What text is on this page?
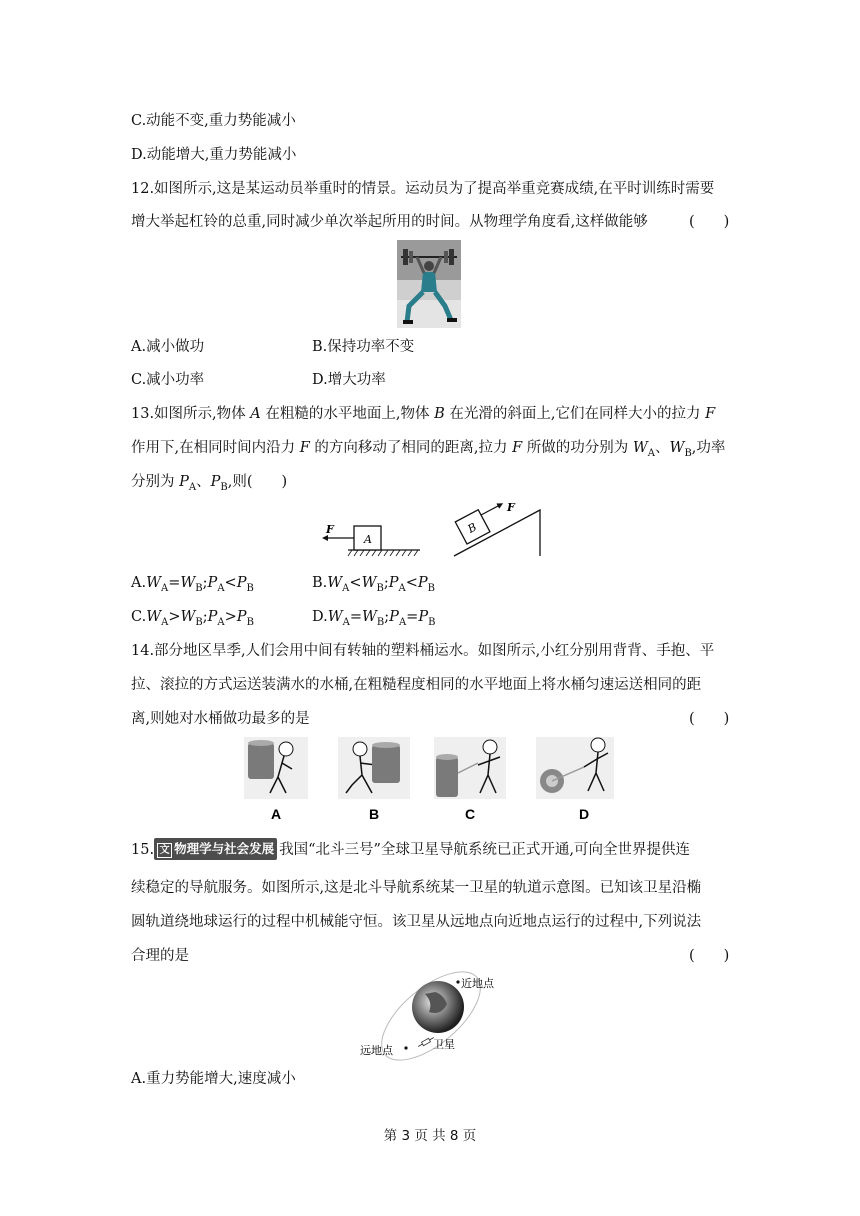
C.动能不变,重力势能减小
D.动能增大,重力势能减小
12.如图所示,这是某运动员举重时的情景。运动员为了提高举重竞赛成绩,在平时训练时需要
增大举起杠铃的总重,同时减少单次举起所用的时间。从物理学角度看,这样做能够	(　　)
A.减小做功	B.保持功率不变
C.减小功率	D.增大功率
13.如图所示,物体 A 在粗糙的水平地面上,物体 B 在光滑的斜面上,它们在同样大小的拉力 F
作用下,在相同时间内沿力 F 的方向移动了相同的距离,拉力 F 所做的功分别为 $W_A$、$W_B$,功率
分别为 $P_A$、$P_B$,则(　　)
A
F	B
F
$A.W_A=W_B;P_A<P_B$	$B.W_A<W_B;P_A<P_B$
$C.W_A>W_B;P_A>P_B$	$D.W_A=W_B;P_A=P_B$
14.部分地区旱季,人们会用中间有转轴的塑料桶运水。如图所示,小红分别用背背、手抱、平
拉、滚拉的方式运送装满水的水桶,在粗糙程度相同的水平地面上将水桶匀速运送相同的距
离,则她对水桶做功最多的是	(　　)
A	B	C	D
15. 文 物理学与社会发展 我国“北斗三号”全球卫星导航系统已正式开通,可向全世界提供连
续稳定的导航服务。如图所示,这是北斗导航系统某一卫星的轨道示意图。已知该卫星沿椭
圆轨道绕地球运行的过程中机械能守恒。该卫星从远地点向近地点运行的过程中,下列说法
合理的是	(　　)
近地点
远地点	卫星
A.重力势能增大,速度减小
第 3 页 共 8 页
